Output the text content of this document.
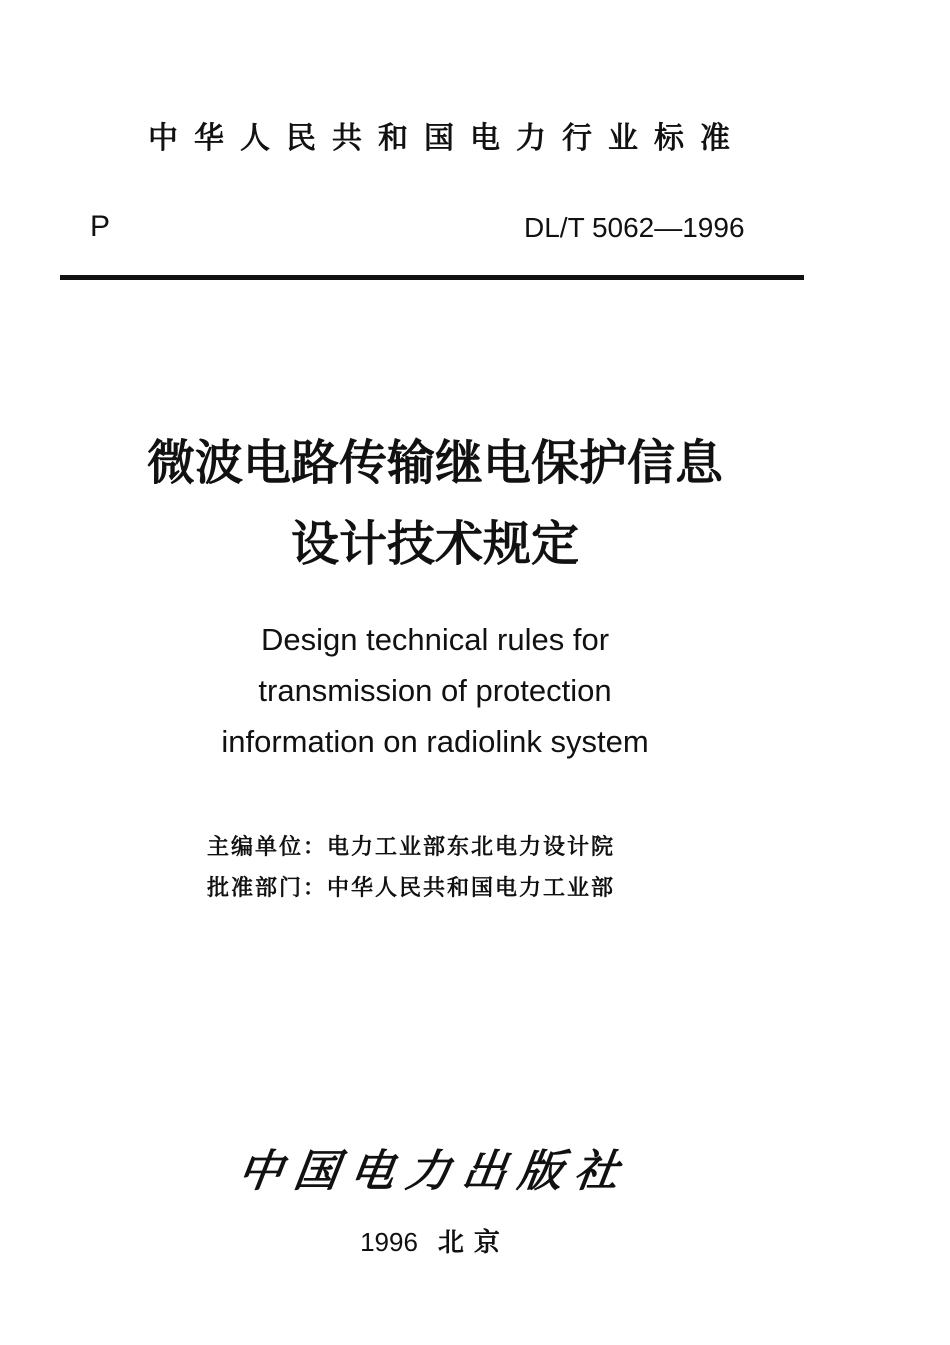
中华人民共和国电力行业标准
P	DL/T 5062—1996
微波电路传输继电保护信息
设计技术规定
Design technical rules for
transmission of protection
information on radiolink system
主编单位：电力工业部东北电力设计院
批准部门：中华人民共和国电力工业部
中国电力出版社
1996 北京
